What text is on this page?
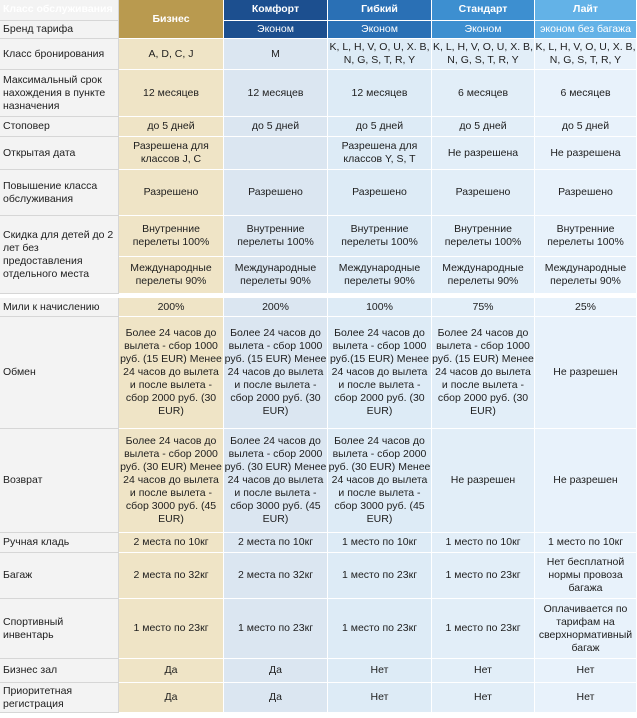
Класс обслуживания	Бизнес	Комфорт	Гибкий	Стандарт	Лайт
Бренд тарифа		Эконом	Эконом	Эконом	эконом без багажа
Класс бронирования	A, D, C, J	M	K, L, H, V, O, U, X. B, N, G, S, T, R, Y	K, L, H, V, O, U, X. B, N, G, S, T, R, Y	K, L, H, V, O, U, X. B, N, G, S, T, R, Y
Максимальный срок нахождения в пункте назначения	12 месяцев	12 месяцев	12 месяцев	6 месяцев	6 месяцев
Стоповер	до 5 дней	до 5 дней	до 5 дней	до 5 дней	до 5 дней
Открытая дата	Разрешена для классов J, C		Разрешена для классов Y, S, T	Не разрешена	Не разрешена
Повышение класса обслуживания	Разрешено	Разрешено	Разрешено	Разрешено	Разрешено
Скидка для детей до 2 лет без предоставления отдельного места	Внутренние перелеты 100%	Внутренние перелеты 100%	Внутренние перелеты 100%	Внутренние перелеты 100%	Внутренние перелеты 100%
	Международные перелеты 90%	Международные перелеты 90%	Международные перелеты 90%	Международные перелеты 90%	Международные перелеты 90%

Мили к начислению	200%	200%	100%	75%	25%
Обмен	Более 24 часов до вылета - сбор 1000 руб. (15 EUR) Менее 24 часов до вылета и после вылета - сбор 2000 руб. (30 EUR)	Более 24 часов до вылета - сбор 1000 руб. (15 EUR) Менее 24 часов до вылета и после вылета - сбор 2000 руб. (30 EUR)	Более 24 часов до вылета - сбор 1000 руб.(15 EUR) Менее 24 часов до вылета и после вылета - сбор 2000 руб. (30 EUR)	Более 24 часов до вылета - сбор 1000 руб. (15 EUR) Менее 24 часов до вылета и после вылета - сбор 2000 руб. (30 EUR)	Не разрешен
Возврат	Более 24 часов до вылета - сбор 2000 руб. (30 EUR) Менее 24 часов до вылета и после вылета - сбор 3000 руб. (45 EUR)	Более 24 часов до вылета - сбор 2000 руб. (30 EUR) Менее 24 часов до вылета и после вылета - сбор 3000 руб. (45 EUR)	Более 24 часов до вылета - сбор 2000 руб. (30 EUR) Менее 24 часов до вылета и после вылета - сбор 3000 руб. (45 EUR)	Не разрешен	Не разрешен
Ручная кладь	2 места по 10кг	2 места по 10кг	1 место по 10кг	1 место по 10кг	1 место по 10кг
Багаж	2 места по 32кг	2 места по 32кг	1 место по 23кг	1 место по 23кг	Нет бесплатной нормы провоза багажа
Спортивный инвентарь	1 место по 23кг	1 место по 23кг	1 место по 23кг	1 место по 23кг	Оплачивается по тарифам на сверхнормативный багаж
Бизнес зал	Да	Да	Нет	Нет	Нет
Приоритетная регистрация	Да	Да	Нет	Нет	Нет
